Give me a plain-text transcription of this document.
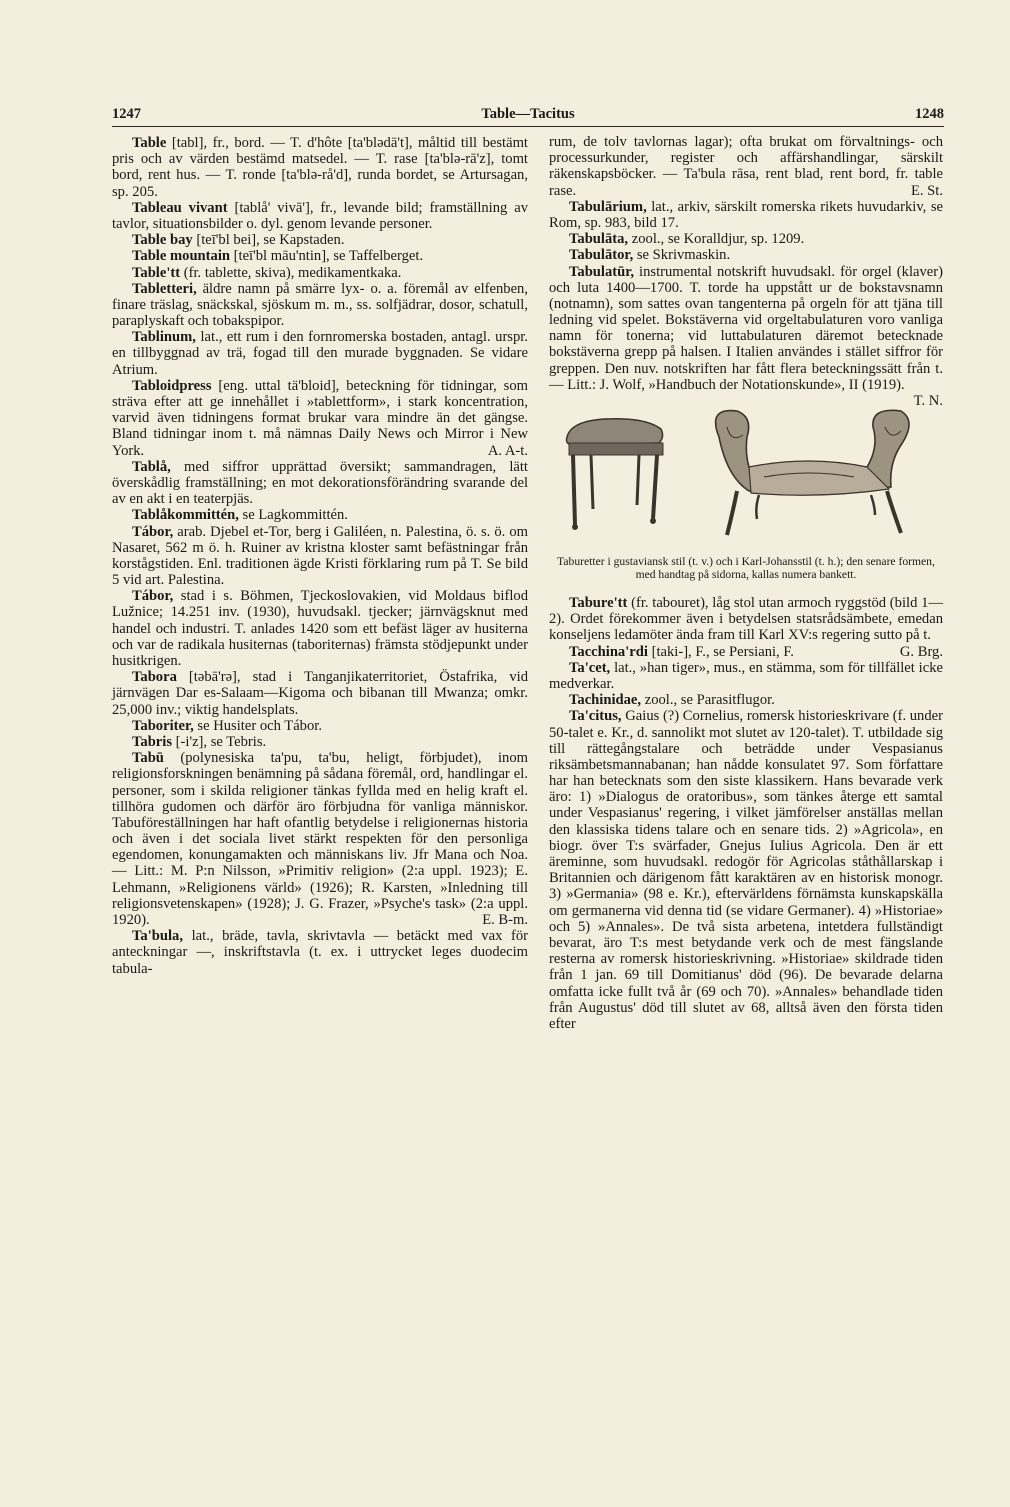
1247	Table—Tacitus	1248

Table [tabl], fr., bord. — T. d'hôte [ta'blədā't], måltid till bestämt pris och av värden bestämd matsedel. — T. rase [ta'blə-rā'z], tomt bord, rent hus. — T. ronde [ta'blə-rå'd], runda bordet, se Artursagan, sp. 205.

Tableau vivant [tablå' vivā'], fr., levande bild; framställning av tavlor, situationsbilder o. dyl. genom levande personer.

Table bay [teī'bl bei], se Kapstaden.

Table mountain [teī'bl māu'ntin], se Taffelberget.

Table'tt (fr. tablette, skiva), medikamentkaka.

Tabletteri, äldre namn på smärre lyx- o. a. föremål av elfenben, finare träslag, snäckskal, sjöskum m. m., ss. solfjädrar, dosor, schatull, paraplyskaft och tobakspipor.

Tablinum, lat., ett rum i den fornromerska bostaden, antagl. urspr. en tillbyggnad av trä, fogad till den murade byggnaden. Se vidare Atrium.

Tabloidpress [eng. uttal tä'bloid], beteckning för tidningar, som sträva efter att ge innehållet i »tablettform», i stark koncentration, varvid även tidningens format brukar vara mindre än det gängse. Bland tidningar inom t. må nämnas Daily News och Mirror i New York.	A. A-t.

Tablå, med siffror upprättad översikt; sammandragen, lätt överskådlig framställning; en mot dekorationsförändring svarande del av en akt i en teaterpjäs.

Tablåkommittén, se Lagkommittén.

Tábor, arab. Djebel et-Tor, berg i Galiléen, n. Palestina, ö. s. ö. om Nasaret, 562 m ö. h. Ruiner av kristna kloster samt befästningar från korstågstiden. Enl. traditionen ägde Kristi förklaring rum på T. Se bild 5 vid art. Palestina.

Tábor, stad i s. Böhmen, Tjeckoslovakien, vid Moldaus biflod Lužnice; 14.251 inv. (1930), huvudsakl. tjecker; järnvägsknut med handel och industri. T. anlades 1420 som ett befäst läger av husiterna och var de radikala husiternas (taboriternas) främsta stödjepunkt under husitkrigen.

Tabora [təbā'rə], stad i Tanganjikaterritoriet, Östafrika, vid järnvägen Dar es-Salaam—Kigoma och bibanan till Mwanza; omkr. 25,000 inv.; viktig handelsplats.

Taboriter, se Husiter och Tábor.

Tabris [-i'z], se Tebris.

Tabū (polynesiska ta'pu, ta'bu, heligt, förbjudet), inom religionsforskningen benämning på sådana föremål, ord, handlingar el. personer, som i skilda religioner tänkas fyllda med en helig kraft el. tillhöra gudomen och därför äro förbjudna för vanliga människor. Tabuföreställningen har haft ofantlig betydelse i religionernas historia och även i det sociala livet stärkt respekten för den personliga egendomen, konungamakten och människans liv. Jfr Mana och Noa. — Litt.: M. P:n Nilsson, »Primitiv religion» (2:a uppl. 1923); E. Lehmann, »Religionens värld» (1926); R. Karsten, »Inledning till religionsvetenskapen» (1928); J. G. Frazer, »Psyche's task» (2:a uppl. 1920).	E. B-m.

Ta'bula, lat., bräde, tavla, skrivtavla — betäckt med vax för anteckningar —, inskriftstavla (t. ex. i uttrycket leges duodecim tabula-

rum, de tolv tavlornas lagar); ofta brukat om förvaltnings- och processurkunder, register och affärshandlingar, särskilt räkenskapsböcker. — Ta'bula rāsa, rent blad, rent bord, fr. table rase.	E. St.

Tabulārium, lat., arkiv, särskilt romerska rikets huvudarkiv, se Rom, sp. 983, bild 17.

Tabulāta, zool., se Koralldjur, sp. 1209.

Tabulātor, se Skrivmaskin.

Tabulatūr, instrumental notskrift huvudsakl. för orgel (klaver) och luta 1400—1700. T. torde ha uppstått ur de bokstavsnamn (notnamn), som sattes ovan tangenterna på orgeln för att tjäna till ledning vid spelet. Bokstäverna vid orgeltabulaturen voro vanliga namn för tonerna; vid luttabulaturen däremot betecknade bokstäverna grepp på halsen. I Italien användes i stället siffror för greppen. Den nuv. notskriften har fått flera beteckningssätt från t. — Litt.: J. Wolf, »Handbuch der Notationskunde», II (1919).
T. N.

Taburetter i gustaviansk stil (t. v.) och i Karl-Johansstil (t. h.); den senare formen, med handtag på sidorna, kallas numera bankett.

Tabure'tt (fr. tabouret), låg stol utan armoch ryggstöd (bild 1—2). Ordet förekommer även i betydelsen statsrådsämbete, emedan konseljens ledamöter ända fram till Karl XV:s regering sutto på t.
G. Brg.

Tacchina'rdi [taki-], F., se Persiani, F.

Ta'cet, lat., »han tiger», mus., en stämma, som för tillfället icke medverkar.

Tachinidae, zool., se Parasitflugor.

Ta'citus, Gaius (?) Cornelius, romersk historieskrivare (f. under 50-talet e. Kr., d. sannolikt mot slutet av 120-talet). T. utbildade sig till rättegångstalare och beträdde under Vespasianus riksämbetsmannabanan; han nådde konsulatet 97. Som författare har han betecknats som den siste klassikern. Hans bevarade verk äro: 1) »Dialogus de oratoribus», som tänkes återge ett samtal under Vespasianus' regering, i vilket jämförelser anställas mellan den klassiska tidens talare och en senare tids. 2) »Agricola», en biogr. över T:s svärfader, Gnejus Iulius Agricola. Den är ett äreminne, som huvudsakl. redogör för Agricolas ståthållarskap i Britannien och därigenom fått karaktären av en historisk monogr. 3) »Germania» (98 e. Kr.), eftervärldens förnämsta kunskapskälla om germanerna vid denna tid (se vidare Germaner). 4) »Historiae» och 5) »Annales». De två sista arbetena, intetdera fullständigt bevarat, äro T:s mest betydande verk och de mest fängslande resterna av romersk historieskrivning. »Historiae» skildrade tiden från 1 jan. 69 till Domitianus' död (96). De bevarade delarna omfatta icke fullt två år (69 och 70). »Annales» behandlade tiden från Augustus' död till slutet av 68, alltså även den första tiden efter
